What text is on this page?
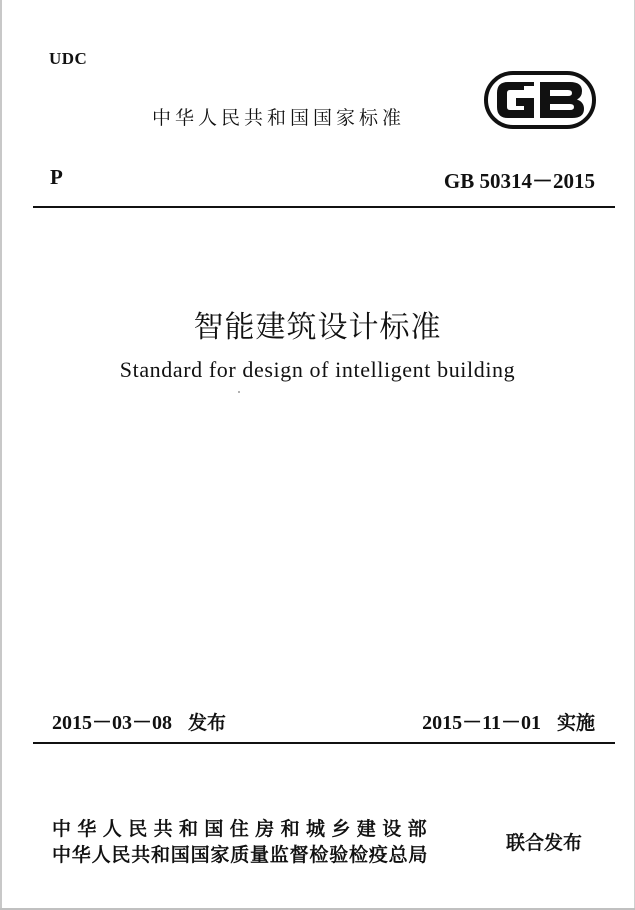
UDC
中华人民共和国国家标准
P	GB 50314－2015
智能建筑设计标准
Standard for design of intelligent building
2015－03－08 发布	2015－11－01 实施
中华人民共和国住房和城乡建设部
中华人民共和国国家质量监督检验检疫总局
联合发布
